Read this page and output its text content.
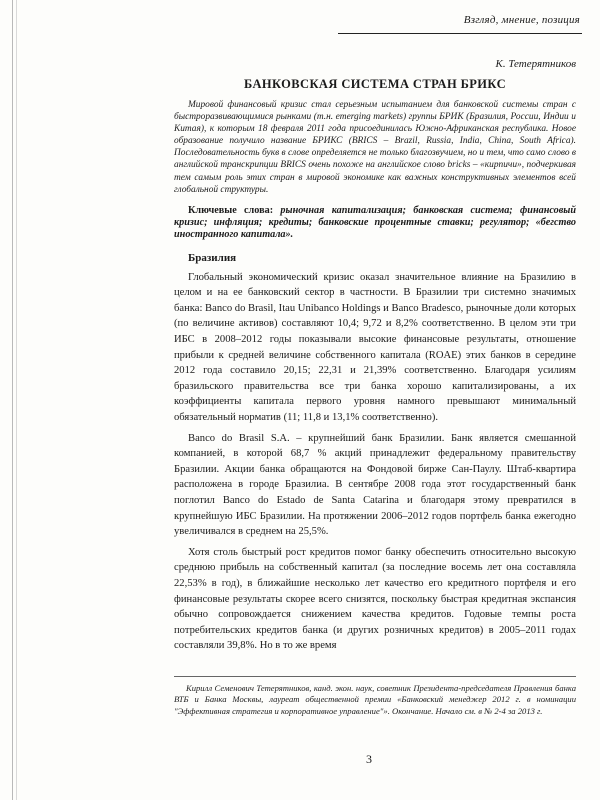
Взгляд, мнение, позиция

К. Тетерятников

БАНКОВСКАЯ СИСТЕМА СТРАН БРИКС

Мировой финансовый кризис стал серьезным испытанием для банковской системы стран с быстроразвивающимися рынками (т.н. emerging markets) группы БРИК (Бразилия, России, Индии и Китая), к которым 18 февраля 2011 года присоединилась Южно-Африканская республика. Новое образование получило название БРИКС (BRICS – Brazil, Russia, India, China, South Africa). Последовательность букв в слове определяется не только благозвучием, но и тем, что само слово в английской транскрипции BRICS очень похоже на английское слово bricks – «кирпичи», подчеркивая тем самым роль этих стран в мировой экономике как важных конструктивных элементов всей глобальной структуры.

Ключевые слова: рыночная капитализация; банковская система; финансовый кризис; инфляция; кредиты; банковские процентные ставки; регулятор; «бегство иностранного капитала».

Бразилия

Глобальный экономический кризис оказал значительное влияние на Бразилию в целом и на ее банковский сектор в частности. В Бразилии три системно значимых банка: Banco do Brasil, Itau Unibanco Holdings и Banco Bradesco, рыночные доли которых (по величине активов) составляют 10,4; 9,72 и 8,2% соответственно. В целом эти три ИБС в 2008–2012 годы показывали высокие финансовые результаты, отношение прибыли к средней величине собственного капитала (ROAE) этих банков в середине 2012 года составило 20,15; 22,31 и 21,39% соответственно. Благодаря усилиям бразильского правительства все три банка хорошо капитализированы, а их коэффициенты капитала первого уровня намного превышают минимальный обязательный норматив (11; 11,8 и 13,1% соответственно).

Banco do Brasil S.A. – крупнейший банк Бразилии. Банк является смешанной компанией, в которой 68,7 % акций принадлежит федеральному правительству Бразилии. Акции банка обращаются на Фондовой бирже Сан-Паулу. Штаб-квартира расположена в городе Бразилиа. В сентябре 2008 года этот государственный банк поглотил Banco do Estado de Santa Catarina и благодаря этому превратился в крупнейшую ИБС Бразилии. На протяжении 2006–2012 годов портфель банка ежегодно увеличивался в среднем на 25,5%.

Хотя столь быстрый рост кредитов помог банку обеспечить относительно высокую среднюю прибыль на собственный капитал (за последние восемь лет она составляла 22,53% в год), в ближайшие несколько лет качество его кредитного портфеля и его финансовые результаты скорее всего снизятся, поскольку быстрая кредитная экспансия обычно сопровождается снижением качества кредитов. Годовые темпы роста потребительских кредитов банка (и других розничных кредитов) в 2005–2011 годах составляли 39,8%. Но в то же время

Кирилл Семенович Тетерятников, канд. экон. наук, советник Президента-председателя Правления банка ВТБ и Банка Москвы, лауреат общественной премии «Банковский менеджер 2012 г. в номинации "Эффективная стратегия и корпоративное управление"». Окончание. Начало см. в № 2-4 за 2013 г.

3
